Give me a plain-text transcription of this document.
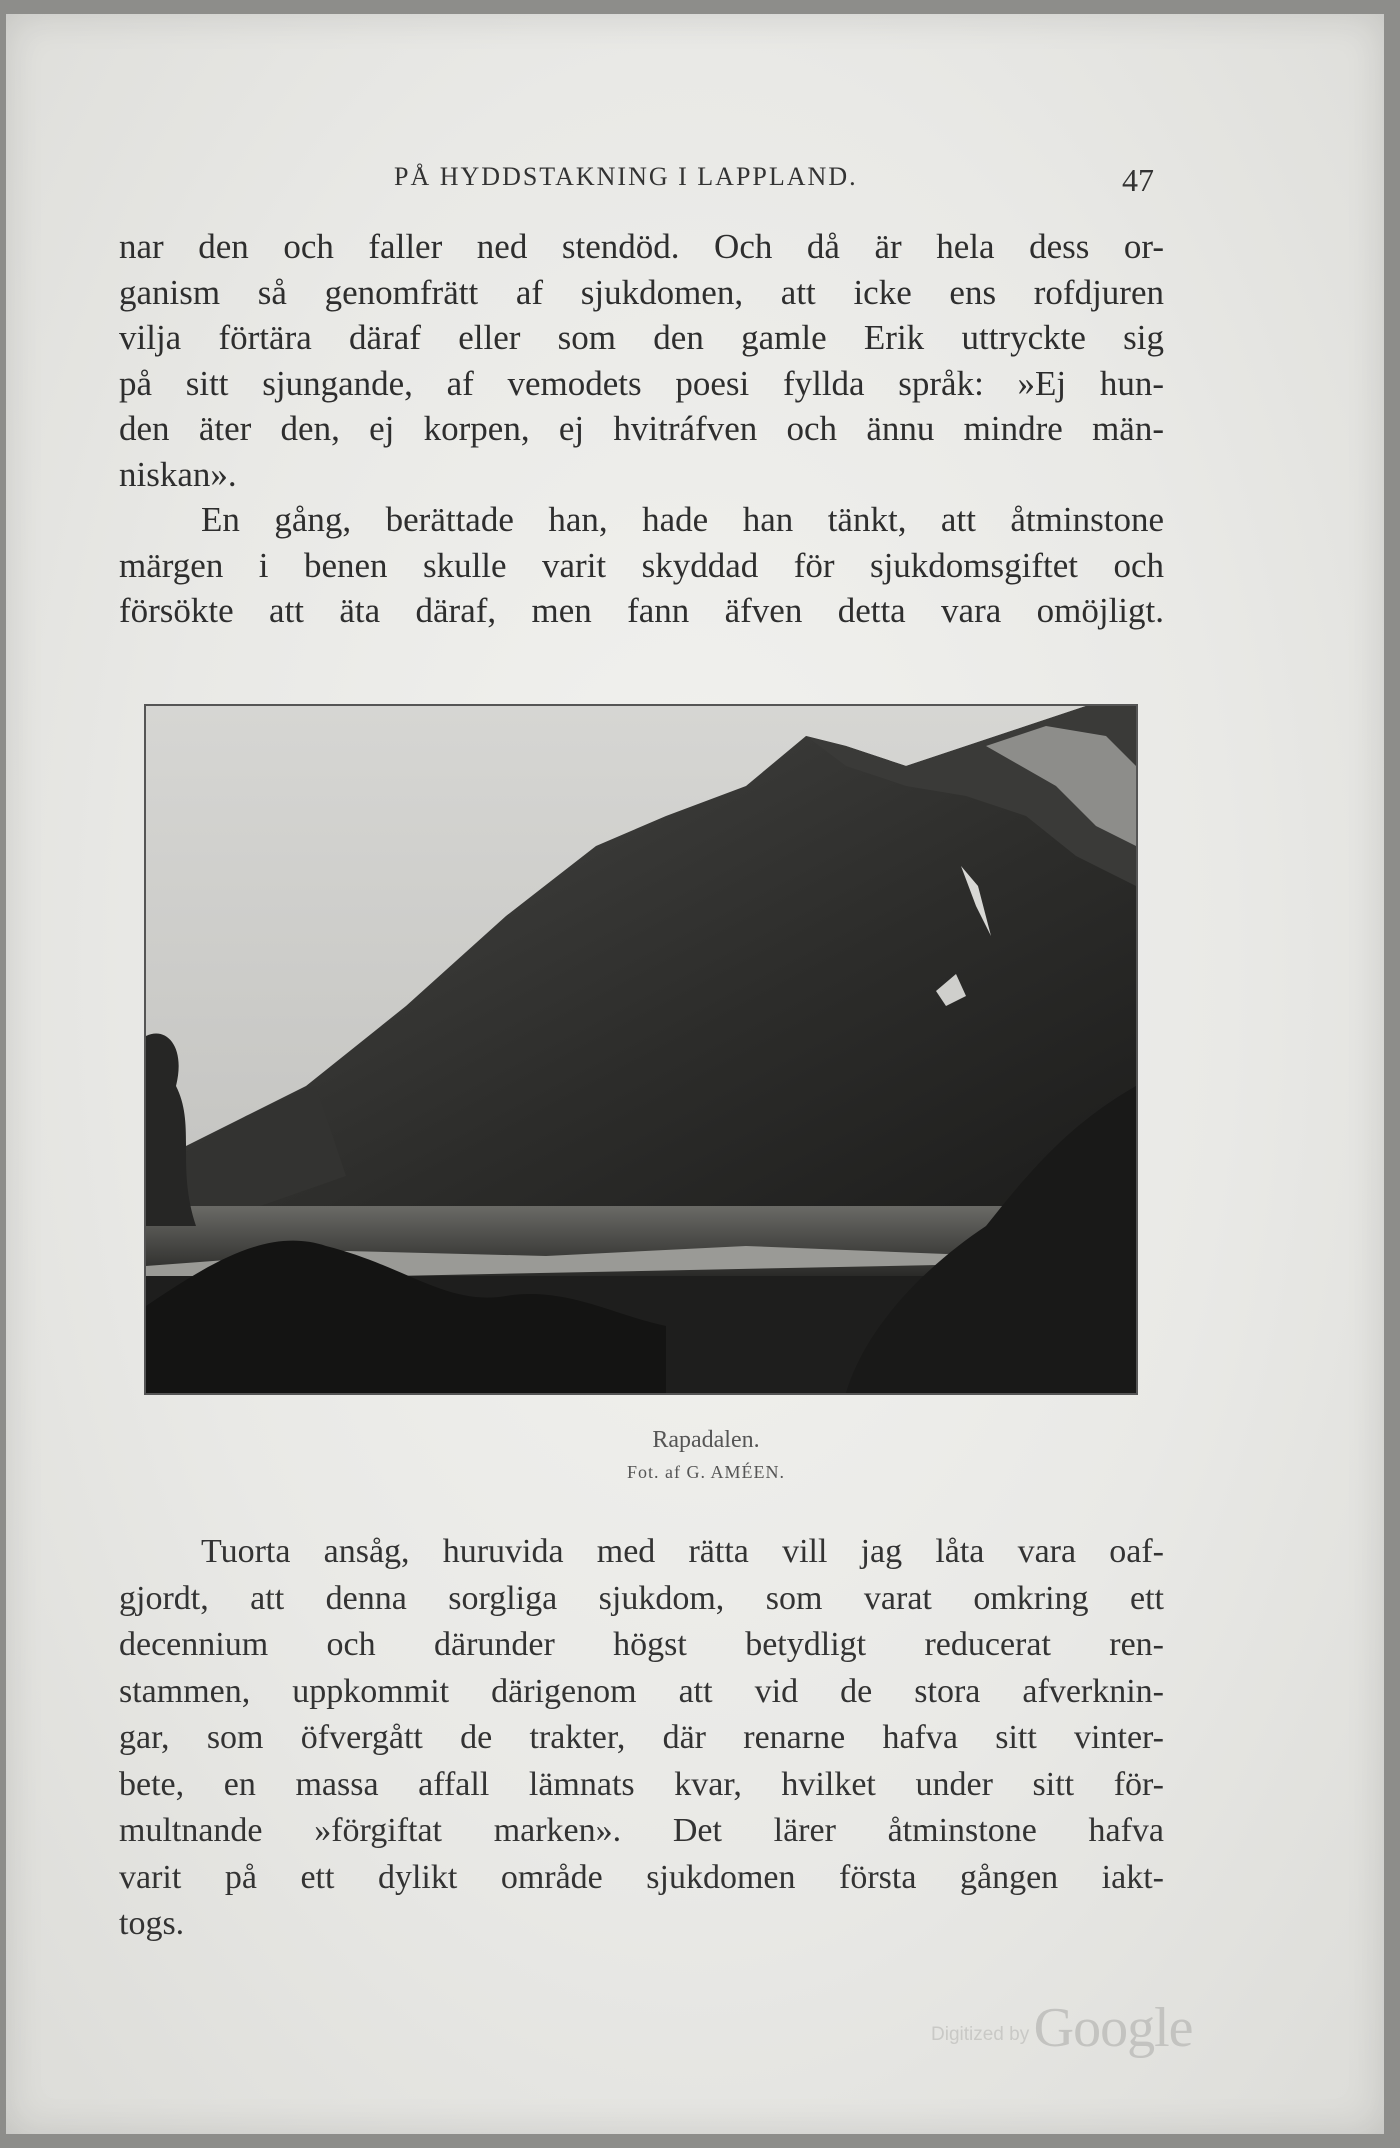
PÅ HYDDSTAKNING I LAPPLAND.	47
nar den och faller ned stendöd. Och då är hela dess or-
ganism så genomfrätt af sjukdomen, att icke ens rofdjuren
vilja förtära däraf eller som den gamle Erik uttryckte sig
på sitt sjungande, af vemodets poesi fyllda språk: »Ej hun-
den äter den, ej korpen, ej hvitráfven och ännu mindre män-
niskan».
En gång, berättade han, hade han tänkt, att åtminstone
märgen i benen skulle varit skyddad för sjukdomsgiftet och
försökte att äta däraf, men fann äfven detta vara omöjligt.
Rapadalen.
Fot. af G. AMÉEN.
Tuorta ansåg, huruvida med rätta vill jag låta vara oaf-
gjordt, att denna sorgliga sjukdom, som varat omkring ett
decennium och därunder högst betydligt reducerat ren-
stammen, uppkommit därigenom att vid de stora afverknin-
gar, som öfvergått de trakter, där renarne hafva sitt vinter-
bete, en massa affall lämnats kvar, hvilket under sitt för-
multnande »förgiftat marken». Det lärer åtminstone hafva
varit på ett dylikt område sjukdomen första gången iakt-
togs.
Digitized by Google
